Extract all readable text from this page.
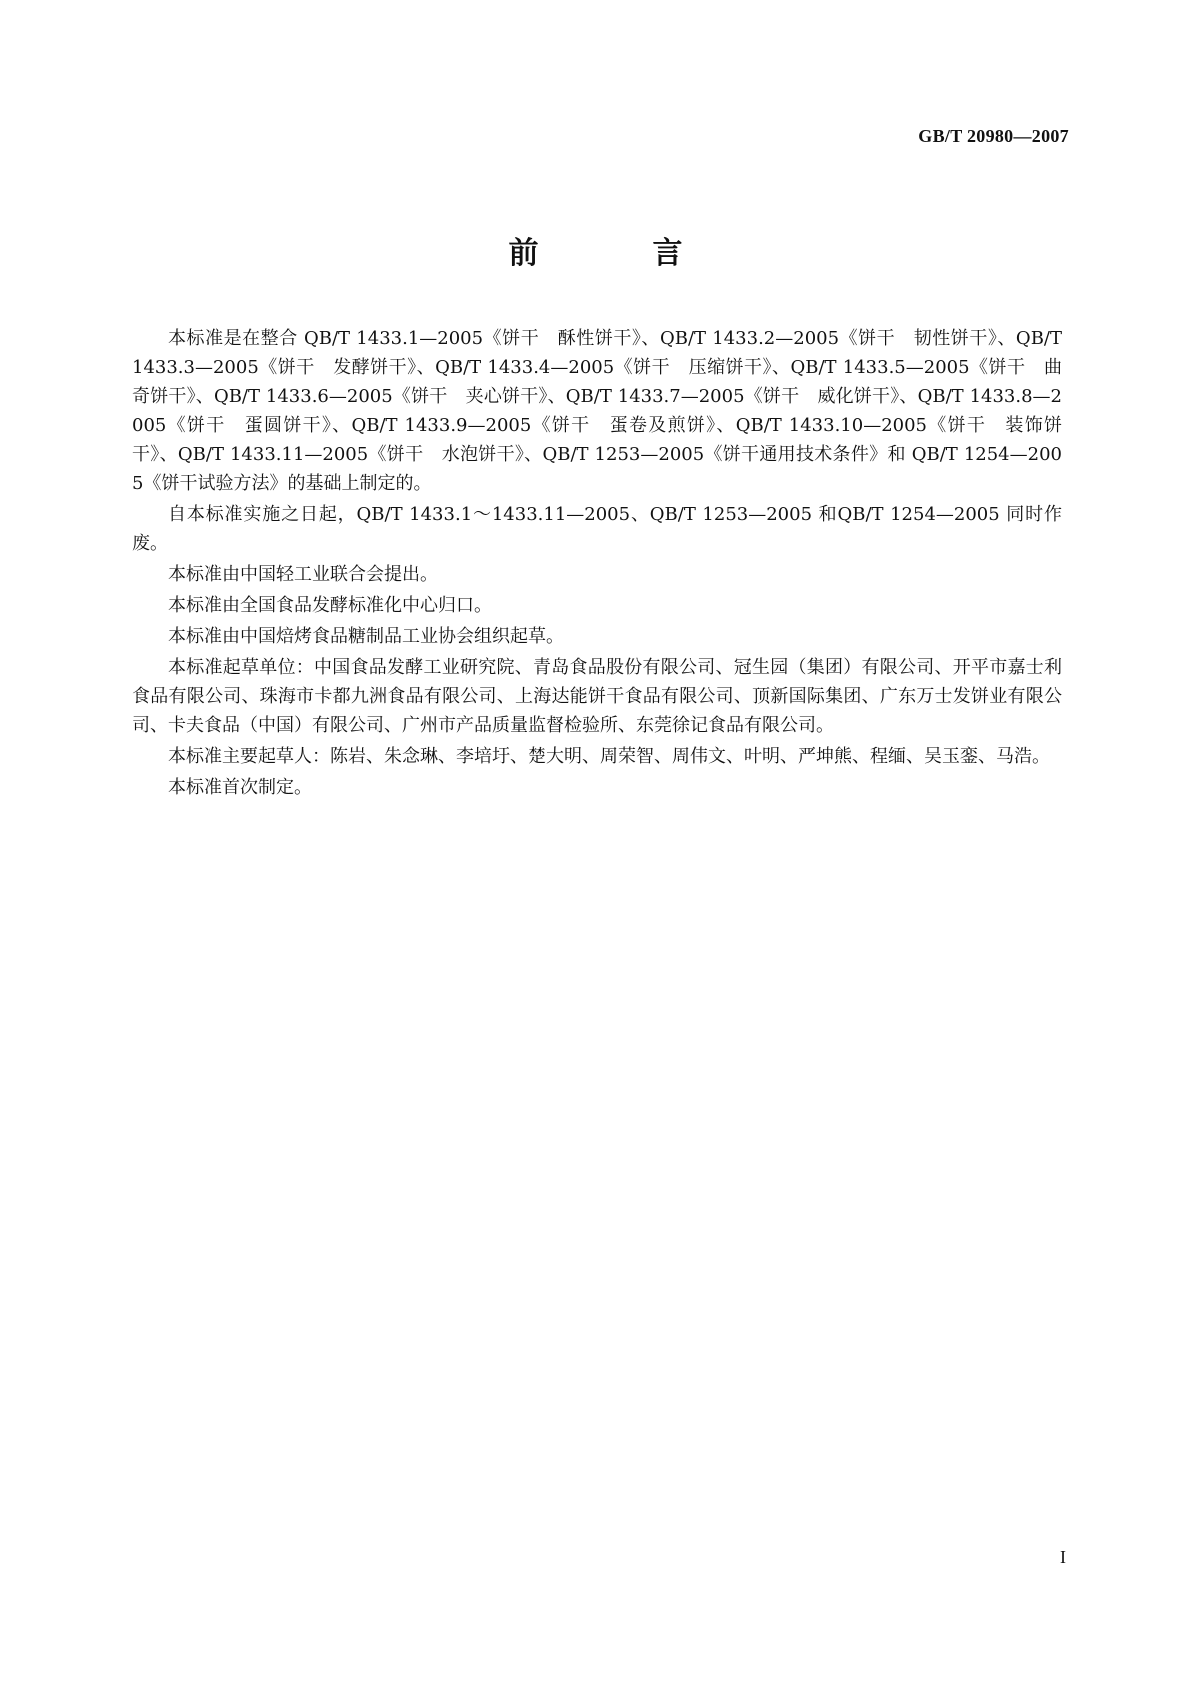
GB/T 20980—2007
前　言

本标准是在整合 QB/T 1433.1—2005《饼干　酥性饼干》、QB/T 1433.2—2005《饼干　韧性饼干》、QB/T 1433.3—2005《饼干　发酵饼干》、QB/T 1433.4—2005《饼干　压缩饼干》、QB/T 1433.5—2005《饼干　曲奇饼干》、QB/T 1433.6—2005《饼干　夹心饼干》、QB/T 1433.7—2005《饼干　威化饼干》、QB/T 1433.8—2005《饼干　蛋圆饼干》、QB/T 1433.9—2005《饼干　蛋卷及煎饼》、QB/T 1433.10—2005《饼干　装饰饼干》、QB/T 1433.11—2005《饼干　水泡饼干》、QB/T 1253—2005《饼干通用技术条件》和 QB/T 1254—2005《饼干试验方法》的基础上制定的。

自本标准实施之日起，QB/T 1433.1～1433.11—2005、QB/T 1253—2005 和QB/T 1254—2005 同时作废。

本标准由中国轻工业联合会提出。

本标准由全国食品发酵标准化中心归口。

本标准由中国焙烤食品糖制品工业协会组织起草。

本标准起草单位：中国食品发酵工业研究院、青岛食品股份有限公司、冠生园（集团）有限公司、开平市嘉士利食品有限公司、珠海市卡都九洲食品有限公司、上海达能饼干食品有限公司、顶新国际集团、广东万士发饼业有限公司、卡夫食品（中国）有限公司、广州市产品质量监督检验所、东莞徐记食品有限公司。

本标准主要起草人：陈岩、朱念琳、李培圩、楚大明、周荣智、周伟文、叶明、严坤熊、程缅、吴玉銮、马浩。

本标准首次制定。

I
